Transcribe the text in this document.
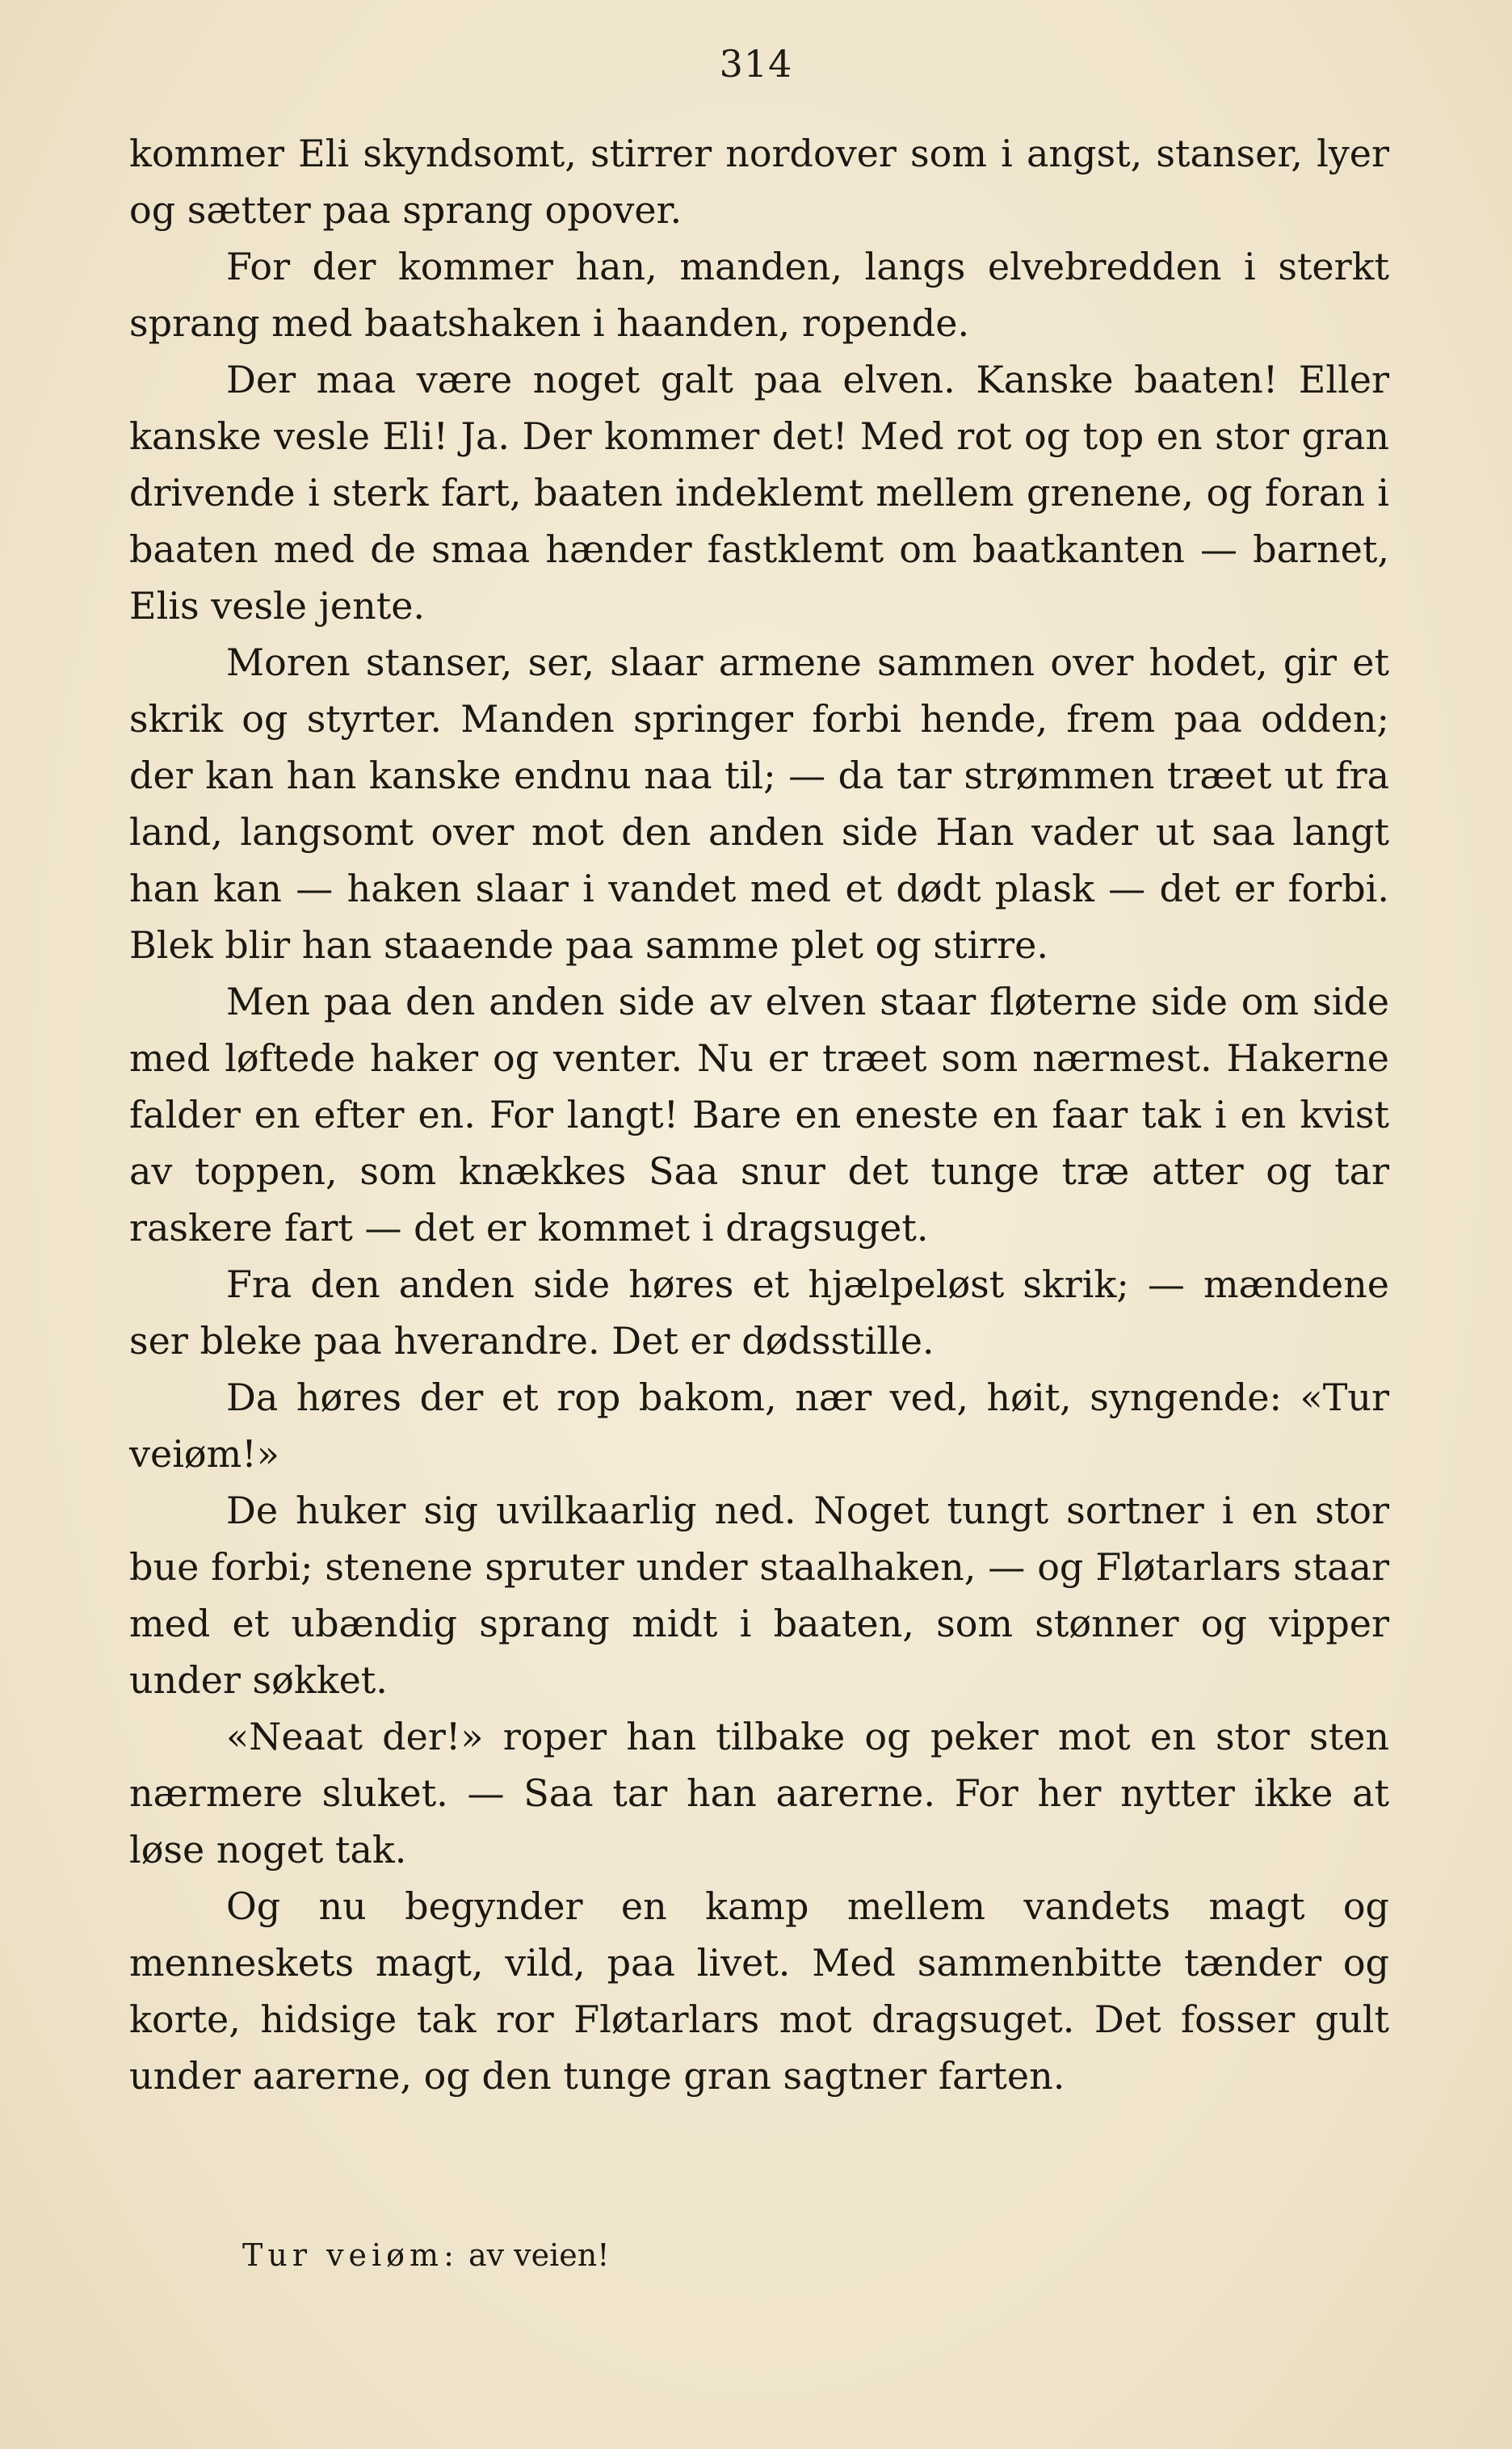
314

kommer Eli skyndsomt, stirrer nordover som i angst, stanser, lyer og sætter paa sprang opover.

For der kommer han, manden, langs elvebredden i sterkt sprang med baatshaken i haanden, ropende.

Der maa være noget galt paa elven. Kanske baaten! Eller kanske vesle Eli! Ja. Der kommer det! Med rot og top en stor gran drivende i sterk fart, baaten indeklemt mellem grenene, og foran i baaten med de smaa hænder fastklemt om baatkanten — barnet, Elis vesle jente.

Moren stanser, ser, slaar armene sammen over hodet, gir et skrik og styrter. Manden springer forbi hende, frem paa odden; der kan han kanske endnu naa til; — da tar strømmen træet ut fra land, langsomt over mot den anden side Han vader ut saa langt han kan — haken slaar i vandet med et dødt plask — det er forbi. Blek blir han staaende paa samme plet og stirre.

Men paa den anden side av elven staar fløterne side om side med løftede haker og venter. Nu er træet som nærmest. Hakerne falder en efter en. For langt! Bare en eneste en faar tak i en kvist av toppen, som knækkes Saa snur det tunge træ atter og tar raskere fart — det er kommet i dragsuget.

Fra den anden side høres et hjælpeløst skrik; — mændene ser bleke paa hverandre. Det er dødsstille.

Da høres der et rop bakom, nær ved, høit, syngende: «Tur veiøm!»

De huker sig uvilkaarlig ned. Noget tungt sortner i en stor bue forbi; stenene spruter under staalhaken, — og Fløtarlars staar med et ubændig sprang midt i baaten, som stønner og vipper under søkket.

«Neaat der!» roper han tilbake og peker mot en stor sten nærmere sluket. — Saa tar han aarerne. For her nytter ikke at løse noget tak.

Og nu begynder en kamp mellem vandets magt og menneskets magt, vild, paa livet. Med sammenbitte tænder og korte, hidsige tak ror Fløtarlars mot dragsuget. Det fosser gult under aarerne, og den tunge gran sagtner farten.

Tur veiøm: av veien!
